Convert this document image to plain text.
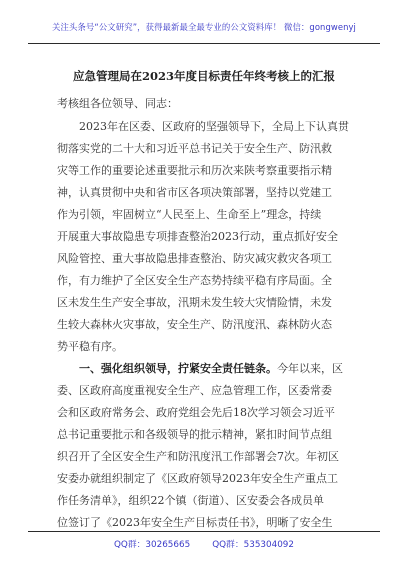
关注头条号“公文研究”，获得最新最全最专业的公文资料库！ 微信：gongwenyj
应急管理局在2023年度目标责任年终考核上的汇报
考核组各位领导、同志：
2023年在区委、区政府的坚强领导下，全局上下认真贯
彻落实党的二十大和习近平总书记关于安全生产、防汛救
灾等工作的重要论述重要批示和历次来陕考察重要指示精
神，认真贯彻中央和省市区各项决策部署，坚持以党建工
作为引领，牢固树立“人民至上、生命至上”理念，持续
开展重大事故隐患专项排查整治2023行动，重点抓好安全
风险管控、重大事故隐患排查整治、防灾减灾救灾各项工
作，有力维护了全区安全生产态势持续平稳有序局面。全
区未发生生产安全事故，汛期未发生较大灾情险情，未发
生较大森林火灾事故，安全生产、防汛度汛、森林防火态
势平稳有序。
一、强化组织领导，拧紧安全责任链条。今年以来，区
委、区政府高度重视安全生产、应急管理工作，区委常委
会和区政府常务会、政府党组会先后18次学习领会习近平
总书记重要批示和各级领导的批示精神，紧扣时间节点组
织召开了全区安全生产和防汛度汛工作部署会7次。年初区
安委办就组织制定了《区政府领导2023年安全生产重点工
作任务清单》，组织22个镇（街道）、区安委会各成员单
位签订了《2023年安全生产目标责任书》，明晰了安全生
QQ群：30265665	QQ群：535304092
